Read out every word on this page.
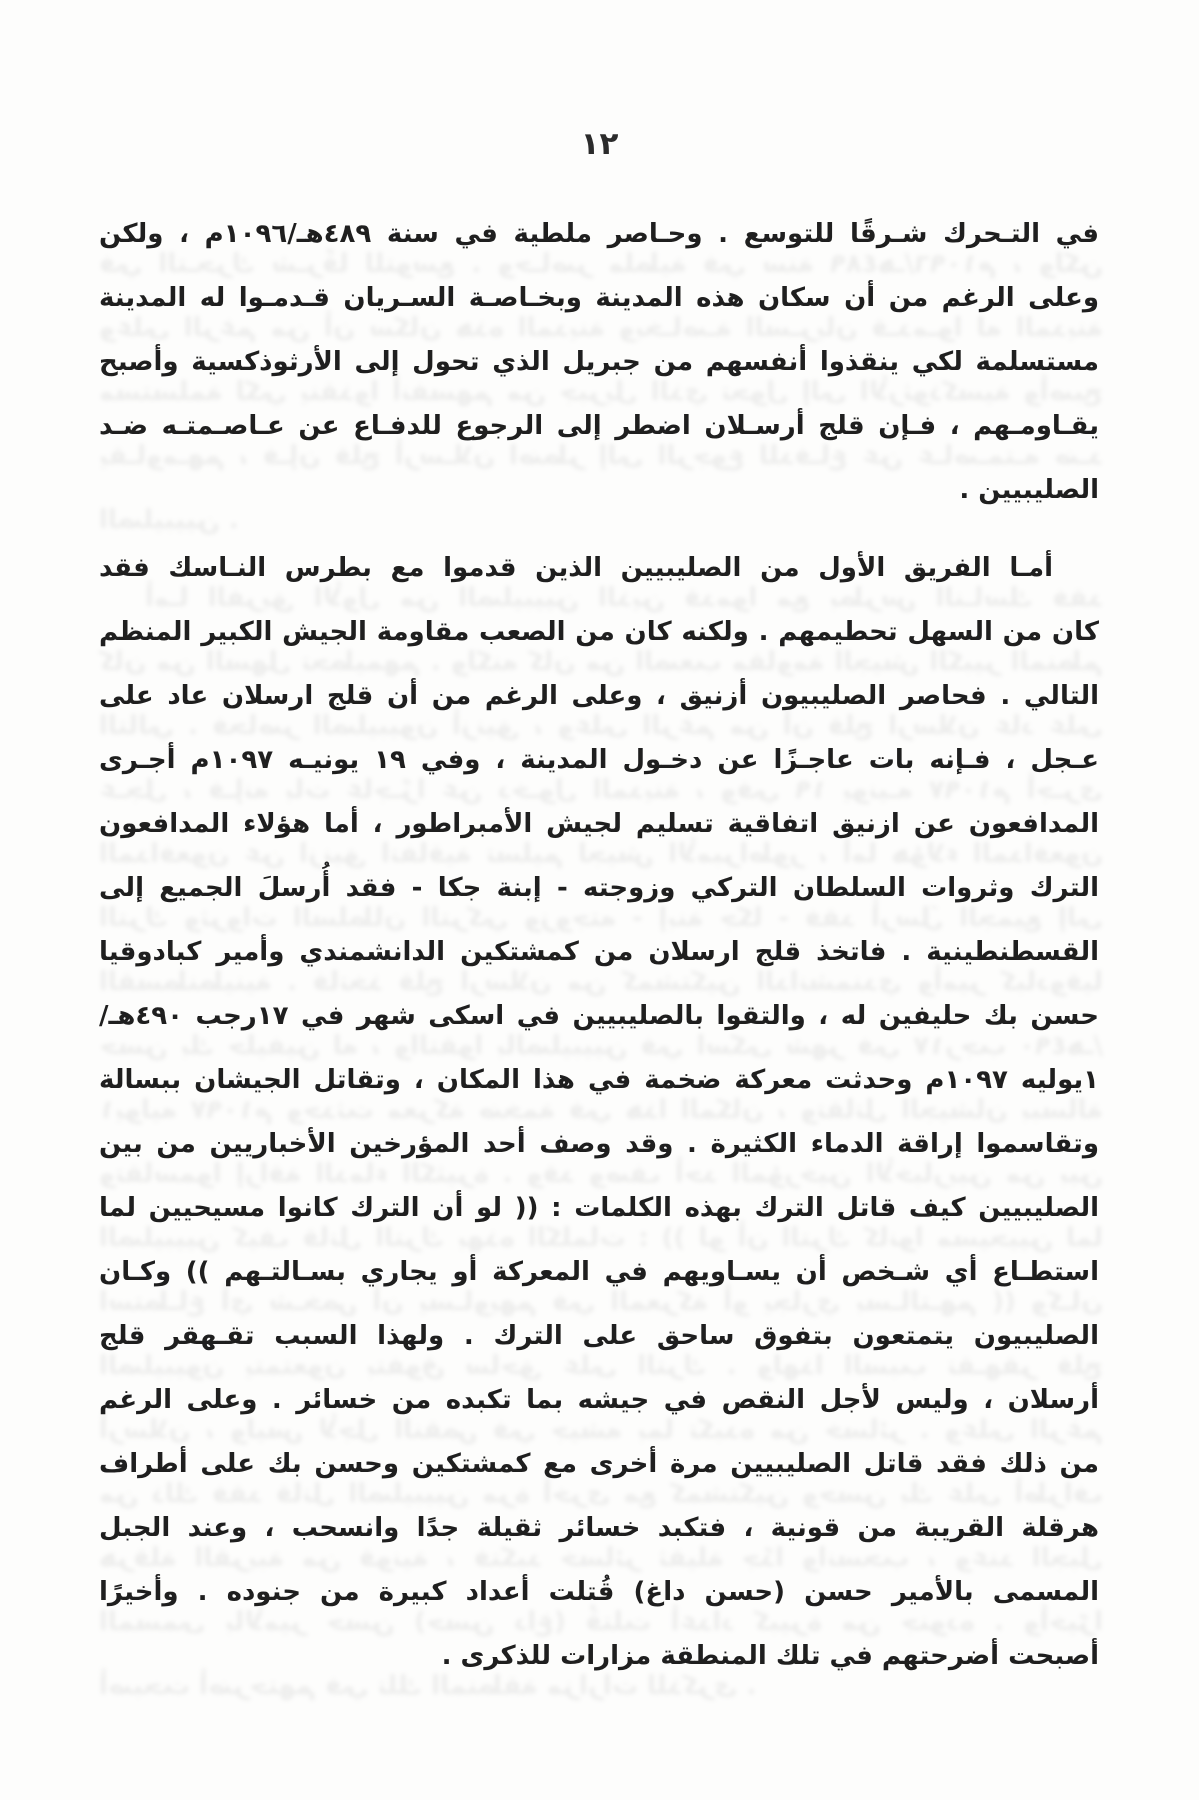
في التـحرك شـرقًا للتوسع . وحـاصر ملطية في سنة ٤٨٩هـ/١٠٩٦م ، ولكن
وعلى الرغم من أن سكان هذه المدينة وبخـاصـة السـريان قـدمـوا له المدينة
مستسلمة لكي ينقذوا أنفسهم من جبريل الذي تحول إلى الأرثوذكسية وأصبح
يقـاومـهم ، فـإن قلج أرسـلان اضطر إلى الرجوع للدفـاع عن عـاصـمتـه ضـد
الصليبيين .
أمـا الفريق الأول من الصليبيين الذين قدموا مع بطرس النـاسك فقد
كان من السهل تحطيمهم . ولكنه كان من الصعب مقاومة الجيش الكبير المنظم
التالي . فحاصر الصليبيون أزنيق ، وعلى الرغم من أن قلج ارسلان عاد على
عـجل ، فـإنه بات عاجـزًا عن دخـول المدينة ، وفي ١٩ يونيـه ١٠٩٧م أجـرى
المدافعون عن ازنيق اتفاقية تسليم لجيش الأمبراطور ، أما هؤلاء المدافعون
الترك وثروات السلطان التركي وزوجته - إبنة جكا - فقد أُرسلَ الجميع إلى
القسطنطينية . فاتخذ قلج ارسلان من كمشتكين الدانشمندي وأمير كبادوقيا
حسن بك حليفين له ، والتقوا بالصليبيين في اسكى شهر في ١٧رجب ٤٩٠هـ/
١يوليه ١٠٩٧م وحدثت معركة ضخمة في هذا المكان ، وتقاتل الجيشان ببسالة
وتقاسموا إراقة الدماء الكثيرة . وقد وصف أحد المؤرخين الأخباريين من بين
الصليبيين كيف قاتل الترك بهذه الكلمات : (( لو أن الترك كانوا مسيحيين لما
استطـاع أي شـخص أن يسـاويهم في المعركة أو يجاري بسـالتـهم )) وكـان
الصليبيون يتمتعون بتفوق ساحق على الترك . ولهذا السبب تقـهقر قلج
أرسلان ، وليس لأجل النقص في جيشه بما تكبده من خسائر . وعلى الرغم
من ذلك فقد قاتل الصليبيين مرة أخرى مع كمشتكين وحسن بك على أطراف
هرقلة القريبة من قونية ، فتكبد خسائر ثقيلة جدًا وانسحب ، وعند الجبل
المسمى بالأمير حسن (حسن داغ) قُتلت أعداد كبيرة من جنوده . وأخيرًا
أصبحت أضرحتهم في تلك المنطقة مزارات للذكرى .
١٢
في التـحرك شـرقًا للتوسع . وحـاصر ملطية في سنة ٤٨٩هـ/١٠٩٦م ، ولكن
وعلى الرغم من أن سكان هذه المدينة وبخـاصـة السـريان قـدمـوا له المدينة
مستسلمة لكي ينقذوا أنفسهم من جبريل الذي تحول إلى الأرثوذكسية وأصبح
يقـاومـهم ، فـإن قلج أرسـلان اضطر إلى الرجوع للدفـاع عن عـاصـمتـه ضـد
الصليبيين .
أمـا الفريق الأول من الصليبيين الذين قدموا مع بطرس النـاسك فقد
كان من السهل تحطيمهم . ولكنه كان من الصعب مقاومة الجيش الكبير المنظم
التالي . فحاصر الصليبيون أزنيق ، وعلى الرغم من أن قلج ارسلان عاد على
عـجل ، فـإنه بات عاجـزًا عن دخـول المدينة ، وفي ١٩ يونيـه ١٠٩٧م أجـرى
المدافعون عن ازنيق اتفاقية تسليم لجيش الأمبراطور ، أما هؤلاء المدافعون
الترك وثروات السلطان التركي وزوجته - إبنة جكا - فقد أُرسلَ الجميع إلى
القسطنطينية . فاتخذ قلج ارسلان من كمشتكين الدانشمندي وأمير كبادوقيا
حسن بك حليفين له ، والتقوا بالصليبيين في اسكى شهر في ١٧رجب ٤٩٠هـ/
١يوليه ١٠٩٧م وحدثت معركة ضخمة في هذا المكان ، وتقاتل الجيشان ببسالة
وتقاسموا إراقة الدماء الكثيرة . وقد وصف أحد المؤرخين الأخباريين من بين
الصليبيين كيف قاتل الترك بهذه الكلمات : (( لو أن الترك كانوا مسيحيين لما
استطـاع أي شـخص أن يسـاويهم في المعركة أو يجاري بسـالتـهم )) وكـان
الصليبيون يتمتعون بتفوق ساحق على الترك . ولهذا السبب تقـهقر قلج
أرسلان ، وليس لأجل النقص في جيشه بما تكبده من خسائر . وعلى الرغم
من ذلك فقد قاتل الصليبيين مرة أخرى مع كمشتكين وحسن بك على أطراف
هرقلة القريبة من قونية ، فتكبد خسائر ثقيلة جدًا وانسحب ، وعند الجبل
المسمى بالأمير حسن (حسن داغ) قُتلت أعداد كبيرة من جنوده . وأخيرًا
أصبحت أضرحتهم في تلك المنطقة مزارات للذكرى .
